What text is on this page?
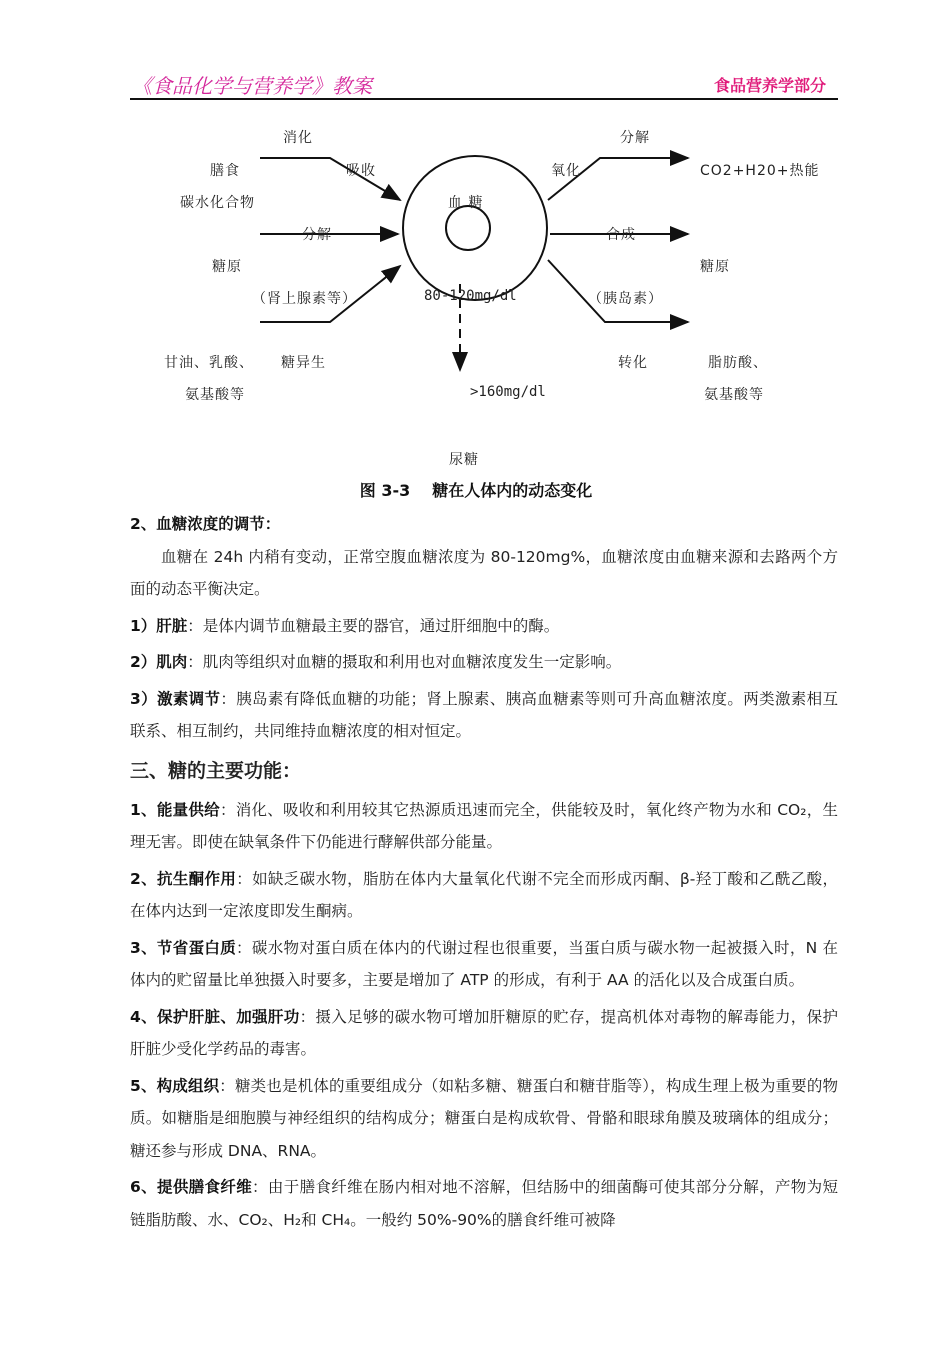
《食品化学与营养学》教案	食品营养学部分
消化
膳食	吸收
碳水化合物
分解
糖原
（肾上腺素等）
甘油、乳酸、 糖异生
氨基酸等
血 糖
80-120mg/dl
>160mg/dl
尿糖
分解
氧化	CO2+H20+热能
合成
糖原
（胰岛素）
转化	脂肪酸、
氨基酸等
图 3-3 糖在人体内的动态变化

2、血糖浓度的调节：

血糖在 24h 内稍有变动，正常空腹血糖浓度为 80-120mg%，血糖浓度由血糖来源和去路两个方面的动态平衡决定。

1）肝脏：是体内调节血糖最主要的器官，通过肝细胞中的酶。

2）肌肉：肌肉等组织对血糖的摄取和利用也对血糖浓度发生一定影响。

3）激素调节：胰岛素有降低血糖的功能；肾上腺素、胰高血糖素等则可升高血糖浓度。两类激素相互联系、相互制约，共同维持血糖浓度的相对恒定。

三、糖的主要功能：

1、能量供给：消化、吸收和利用较其它热源质迅速而完全，供能较及时，氧化终产物为水和 CO₂，生理无害。即使在缺氧条件下仍能进行酵解供部分能量。

2、抗生酮作用：如缺乏碳水物，脂肪在体内大量氧化代谢不完全而形成丙酮、β-羟丁酸和乙酰乙酸，在体内达到一定浓度即发生酮病。

3、节省蛋白质：碳水物对蛋白质在体内的代谢过程也很重要，当蛋白质与碳水物一起被摄入时，N 在体内的贮留量比单独摄入时要多，主要是增加了 ATP 的形成，有利于 AA 的活化以及合成蛋白质。

4、保护肝脏、加强肝功：摄入足够的碳水物可增加肝糖原的贮存，提高机体对毒物的解毒能力，保护肝脏少受化学药品的毒害。

5、构成组织：糖类也是机体的重要组成分（如粘多糖、糖蛋白和糖苷脂等），构成生理上极为重要的物质。如糖脂是细胞膜与神经组织的结构成分；糖蛋白是构成软骨、骨骼和眼球角膜及玻璃体的组成分；糖还参与形成 DNA、RNA。

6、提供膳食纤维：由于膳食纤维在肠内相对地不溶解，但结肠中的细菌酶可使其部分分解，产物为短链脂肪酸、水、CO₂、H₂和 CH₄。一般约 50%-90%的膳食纤维可被降
